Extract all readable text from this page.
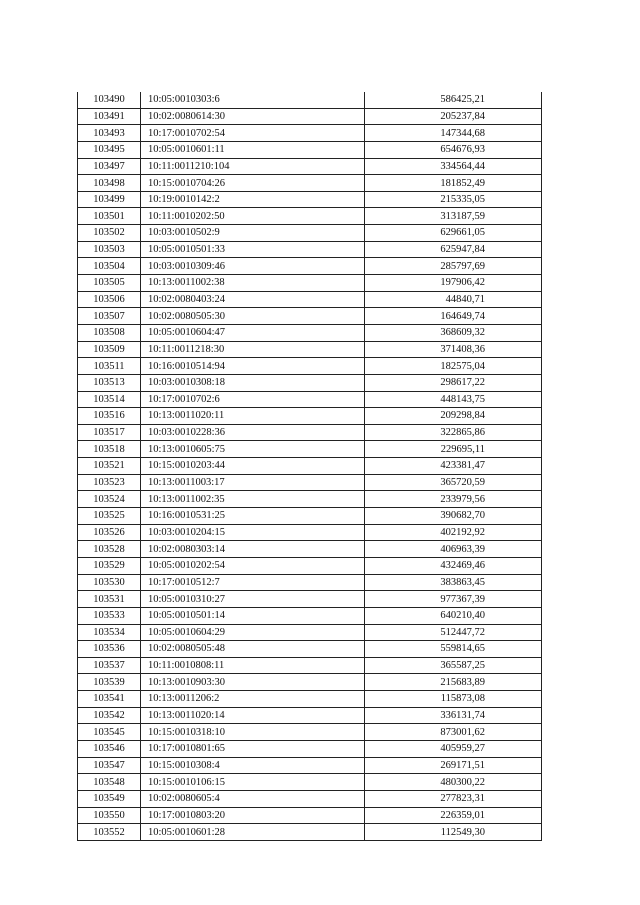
103490	10:05:0010303:6	586425,21
103491	10:02:0080614:30	205237,84
103493	10:17:0010702:54	147344,68
103495	10:05:0010601:11	654676,93
103497	10:11:0011210:104	334564,44
103498	10:15:0010704:26	181852,49
103499	10:19:0010142:2	215335,05
103501	10:11:0010202:50	313187,59
103502	10:03:0010502:9	629661,05
103503	10:05:0010501:33	625947,84
103504	10:03:0010309:46	285797,69
103505	10:13:0011002:38	197906,42
103506	10:02:0080403:24	44840,71
103507	10:02:0080505:30	164649,74
103508	10:05:0010604:47	368609,32
103509	10:11:0011218:30	371408,36
103511	10:16:0010514:94	182575,04
103513	10:03:0010308:18	298617,22
103514	10:17:0010702:6	448143,75
103516	10:13:0011020:11	209298,84
103517	10:03:0010228:36	322865,86
103518	10:13:0010605:75	229695,11
103521	10:15:0010203:44	423381,47
103523	10:13:0011003:17	365720,59
103524	10:13:0011002:35	233979,56
103525	10:16:0010531:25	390682,70
103526	10:03:0010204:15	402192,92
103528	10:02:0080303:14	406963,39
103529	10:05:0010202:54	432469,46
103530	10:17:0010512:7	383863,45
103531	10:05:0010310:27	977367,39
103533	10:05:0010501:14	640210,40
103534	10:05:0010604:29	512447,72
103536	10:02:0080505:48	559814,65
103537	10:11:0010808:11	365587,25
103539	10:13:0010903:30	215683,89
103541	10:13:0011206:2	115873,08
103542	10:13:0011020:14	336131,74
103545	10:15:0010318:10	873001,62
103546	10:17:0010801:65	405959,27
103547	10:15:0010308:4	269171,51
103548	10:15:0010106:15	480300,22
103549	10:02:0080605:4	277823,31
103550	10:17:0010803:20	226359,01
103552	10:05:0010601:28	112549,30
